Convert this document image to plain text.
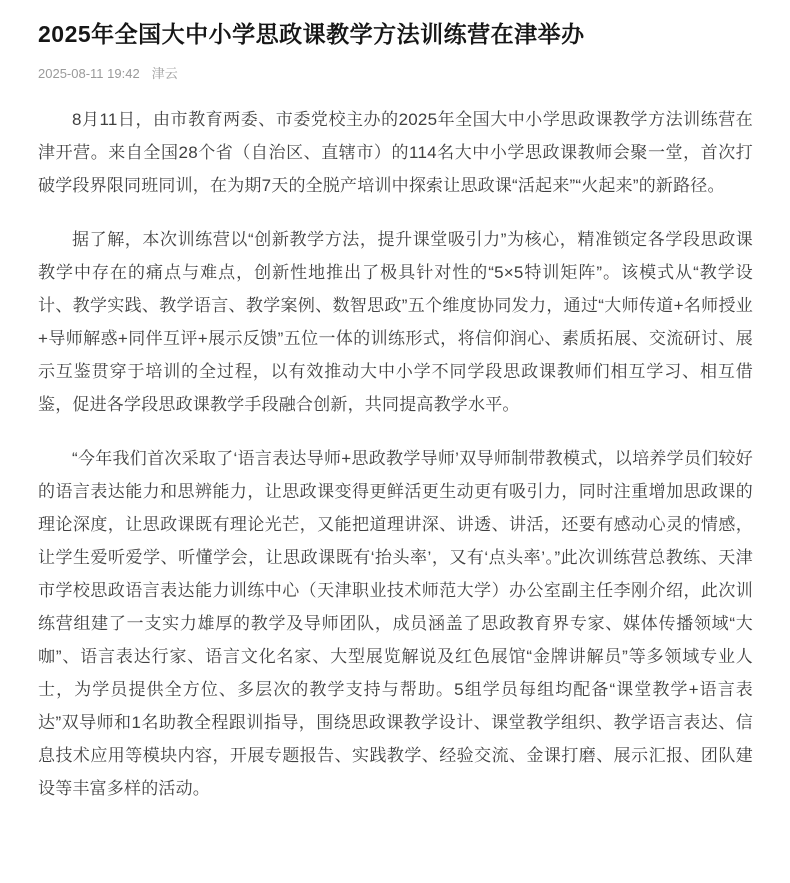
2025年全国大中小学思政课教学方法训练营在津举办
2025-08-11 19:42 津云

8月11日，由市教育两委、市委党校主办的2025年全国大中小学思政课教学方法训练营在津开营。来自全国28个省（自治区、直辖市）的114名大中小学思政课教师会聚一堂，首次打破学段界限同班同训，在为期7天的全脱产培训中探索让思政课“活起来”“火起来”的新路径。

据了解，本次训练营以“创新教学方法，提升课堂吸引力”为核心，精准锁定各学段思政课教学中存在的痛点与难点，创新性地推出了极具针对性的“5×5特训矩阵”。该模式从“教学设计、教学实践、教学语言、教学案例、数智思政”五个维度协同发力，通过“大师传道+名师授业+导师解惑+同伴互评+展示反馈”五位一体的训练形式，将信仰润心、素质拓展、交流研讨、展示互鉴贯穿于培训的全过程，以有效推动大中小学不同学段思政课教师们相互学习、相互借鉴，促进各学段思政课教学手段融合创新，共同提高教学水平。

“今年我们首次采取了‘语言表达导师+思政教学导师’双导师制带教模式，以培养学员们较好的语言表达能力和思辨能力，让思政课变得更鲜活更生动更有吸引力，同时注重增加思政课的理论深度，让思政课既有理论光芒，又能把道理讲深、讲透、讲活，还要有感动心灵的情感，让学生爱听爱学、听懂学会，让思政课既有‘抬头率’，又有‘点头率’。”此次训练营总教练、天津市学校思政语言表达能力训练中心（天津职业技术师范大学）办公室副主任李刚介绍，此次训练营组建了一支实力雄厚的教学及导师团队，成员涵盖了思政教育界专家、媒体传播领域“大咖”、语言表达行家、语言文化名家、大型展览解说及红色展馆“金牌讲解员”等多领域专业人士，为学员提供全方位、多层次的教学支持与帮助。5组学员每组均配备“课堂教学+语言表达”双导师和1名助教全程跟训指导，围绕思政课教学设计、课堂教学组织、教学语言表达、信息技术应用等模块内容，开展专题报告、实践教学、经验交流、金课打磨、展示汇报、团队建设等丰富多样的活动。
